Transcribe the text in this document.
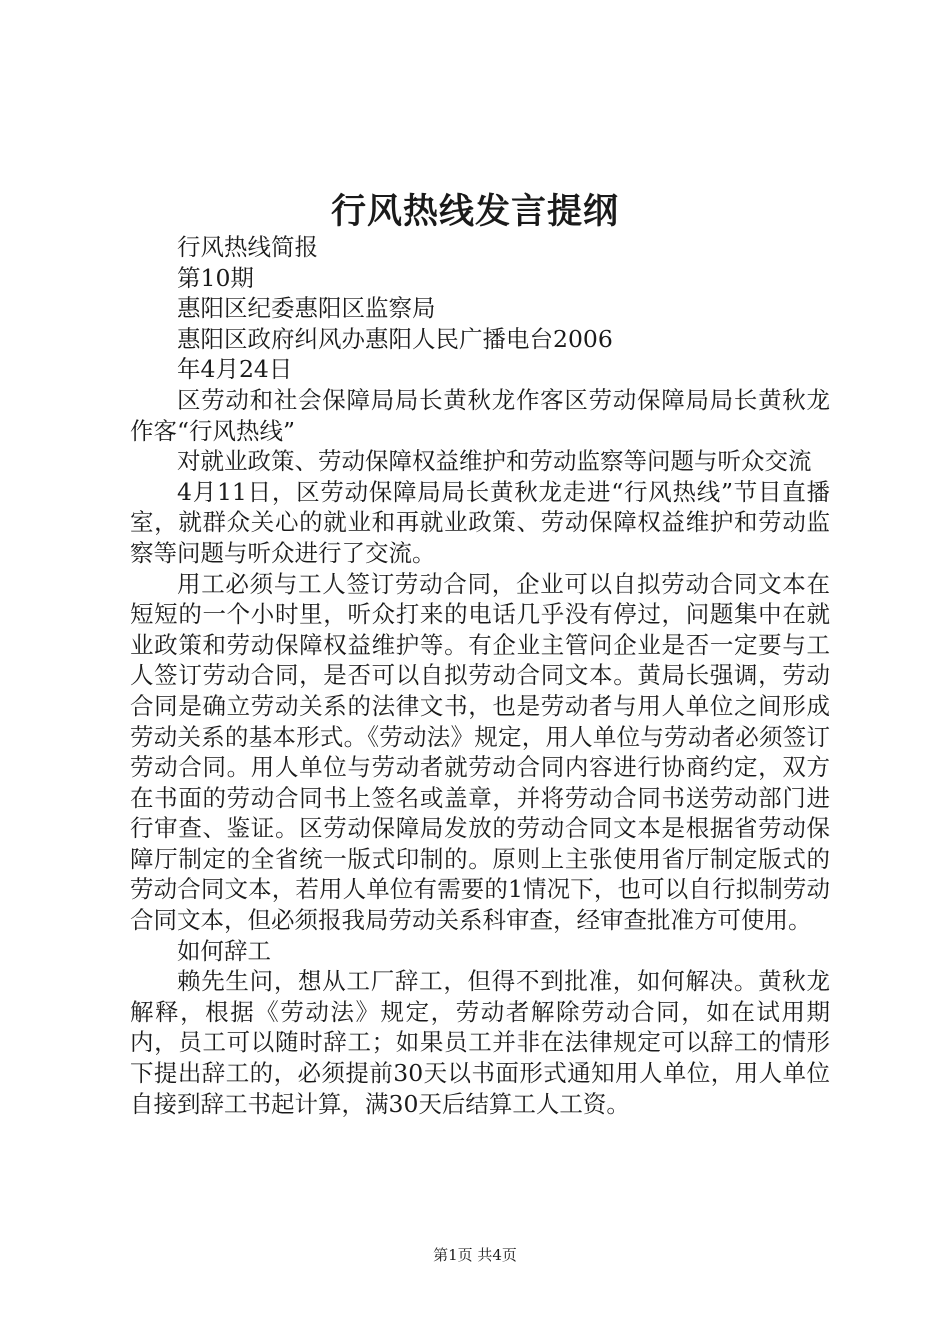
行风热线发言提纲

行风热线简报

第10期

惠阳区纪委惠阳区监察局

惠阳区政府纠风办惠阳人民广播电台2006

年4月24日

区劳动和社会保障局局长黄秋龙作客区劳动保障局局长黄秋龙作客“行风热线”

对就业政策、劳动保障权益维护和劳动监察等问题与听众交流

4月11日，区劳动保障局局长黄秋龙走进“行风热线”节目直播室，就群众关心的就业和再就业政策、劳动保障权益维护和劳动监察等问题与听众进行了交流。

用工必须与工人签订劳动合同，企业可以自拟劳动合同文本在短短的一个小时里，听众打来的电话几乎没有停过，问题集中在就业政策和劳动保障权益维护等。有企业主管问企业是否一定要与工人签订劳动合同，是否可以自拟劳动合同文本。黄局长强调，劳动合同是确立劳动关系的法律文书，也是劳动者与用人单位之间形成劳动关系的基本形式。《劳动法》规定，用人单位与劳动者必须签订劳动合同。用人单位与劳动者就劳动合同内容进行协商约定，双方在书面的劳动合同书上签名或盖章，并将劳动合同书送劳动部门进行审查、鉴证。区劳动保障局发放的劳动合同文本是根据省劳动保障厅制定的全省统一版式印制的。原则上主张使用省厅制定版式的劳动合同文本，若用人单位有需要的1情况下，也可以自行拟制劳动合同文本，但必须报我局劳动关系科审查，经审查批准方可使用。

如何辞工

赖先生问，想从工厂辞工，但得不到批准，如何解决。黄秋龙解释，根据《劳动法》规定，劳动者解除劳动合同，如在试用期内，员工可以随时辞工；如果员工并非在法律规定可以辞工的情形下提出辞工的，必须提前30天以书面形式通知用人单位，用人单位自接到辞工书起计算，满30天后结算工人工资。

第1页 共4页
